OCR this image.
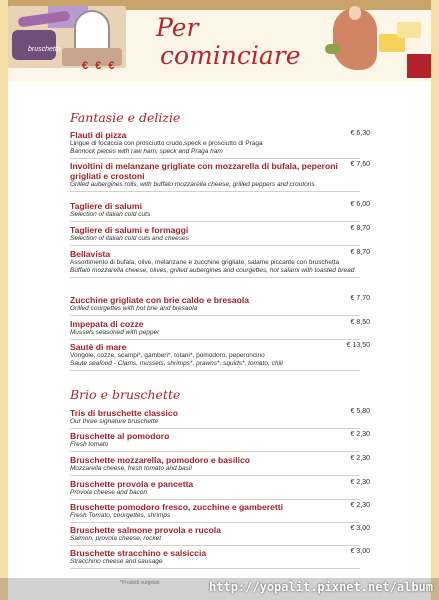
bruschetta
€ € €
Per
cominciare
Fantasie e delizie
Flauti di pizza
Lingue di focaccia con prosciutto crudo,speck e prosciutto di Praga
Bannock pieces with raw ham, speck and Praga ham
€ 6,30
Involtini di melanzane grigliate con mozzarella di bufala, peperoni grigliati e crostoni
Grilled aubergines rolls, with buffalo mozzarella cheese, grilled peppers and croutons
€ 7,60
Tagliere di salumi
Selection of italian cold cuts
€ 6,00
Tagliere di salumi e formaggi
Selection of italian cold cuts and cheeses
€ 8,70
Bellavista
Assortimento di bufala, olive, melanzane e zucchine grigliate, salame piccante con bruschetta
Buffalo mozzarella cheese, olives, grilled aubergines and courgettes, hot salami with toasted bread
€ 8,70
Zucchine grigliate con brie caldo e bresaola
Grilled courgettes with hot brie and bresaola
€ 7,70
Impepata di cozze
Mussels seasoned with pepper
€ 8,50
Sautè di mare
Vongole, cozze, scampi*, gamberi*, totani*, pomodoro, peperoncino
Saute seafood - Clams, mussels, shrimps*, prawns*, squids*, tomato, chili
€ 13,50
Brio e bruschette
Tris di bruschette classico
Our three signature bruschette
€ 5,80
Bruschette al pomodoro
Fresh tomato
€ 2,30
Bruschette mozzarella, pomodoro e basilico
Mozzarella cheese, fresh tomato and basil
€ 2,30
Bruschette provola e pancetta
Provola cheese and bacon
€ 2,30
Bruschette pomodoro fresco, zucchine e gamberetti
Fresh Tomato, courgettes, shrimps
€ 2,30
Bruschette salmone provola e rucola
Salmon, provola cheese, rocket
€ 3,00
Bruschette stracchino e salsiccia
Stracchino cheese and sausage
€ 3,00
*Prodotti surgelati	http://yopalit.pixnet.net/album
